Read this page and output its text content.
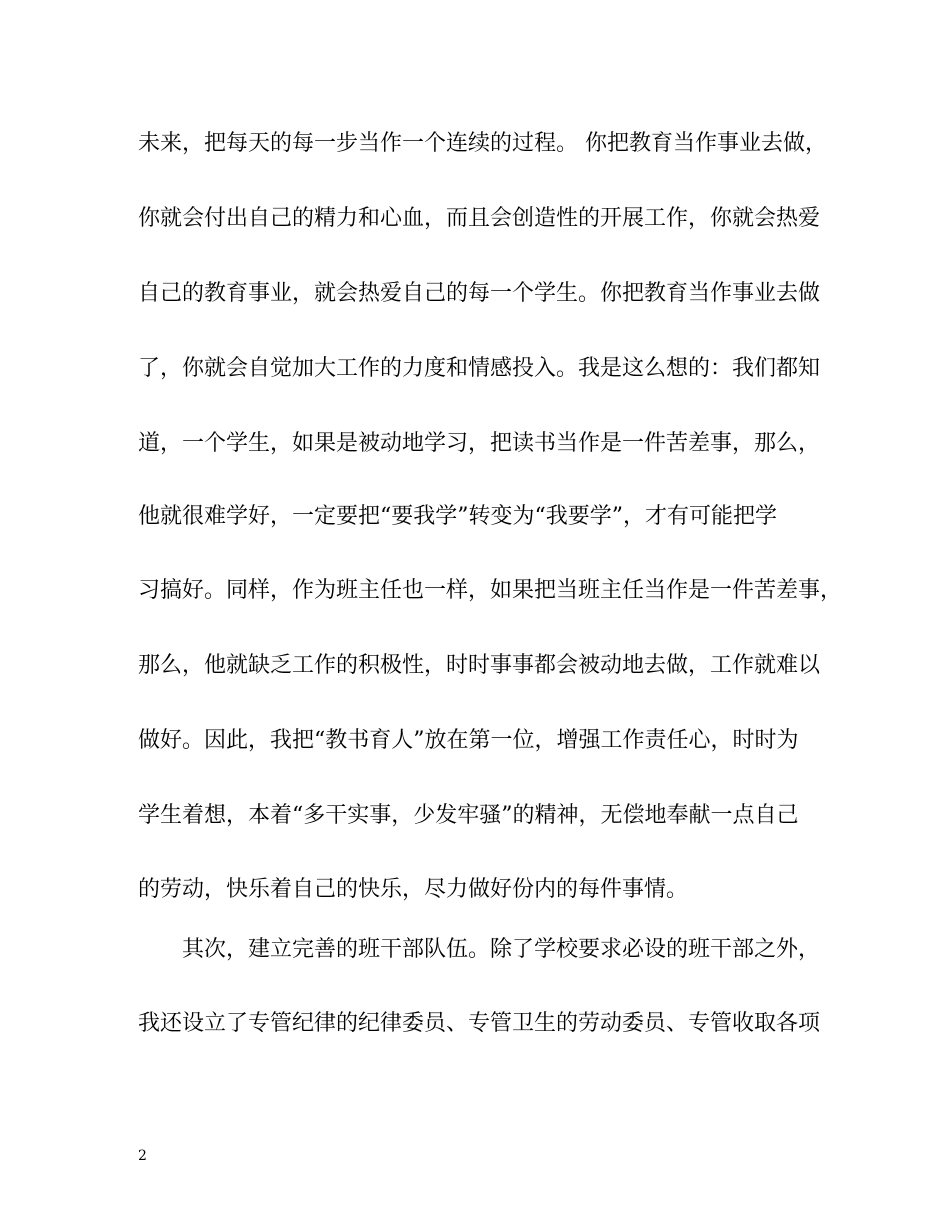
未来，把每天的每一步当作一个连续的过程。 你把教育当作事业去做，
你就会付出自己的精力和心血，而且会创造性的开展工作，你就会热爱
自己的教育事业，就会热爱自己的每一个学生。你把教育当作事业去做
了，你就会自觉加大工作的力度和情感投入。我是这么想的：我们都知
道，一个学生，如果是被动地学习，把读书当作是一件苦差事，那么，
他就很难学好，一定要把“要我学”转变为“我要学”，才有可能把学
习搞好。同样，作为班主任也一样，如果把当班主任当作是一件苦差事，
那么，他就缺乏工作的积极性，时时事事都会被动地去做，工作就难以
做好。因此，我把“教书育人”放在第一位，增强工作责任心，时时为
学生着想，本着“多干实事，少发牢骚”的精神，无偿地奉献一点自己
的劳动，快乐着自己的快乐，尽力做好份内的每件事情。
其次，建立完善的班干部队伍。除了学校要求必设的班干部之外，
我还设立了专管纪律的纪律委员、专管卫生的劳动委员、专管收取各项
2
